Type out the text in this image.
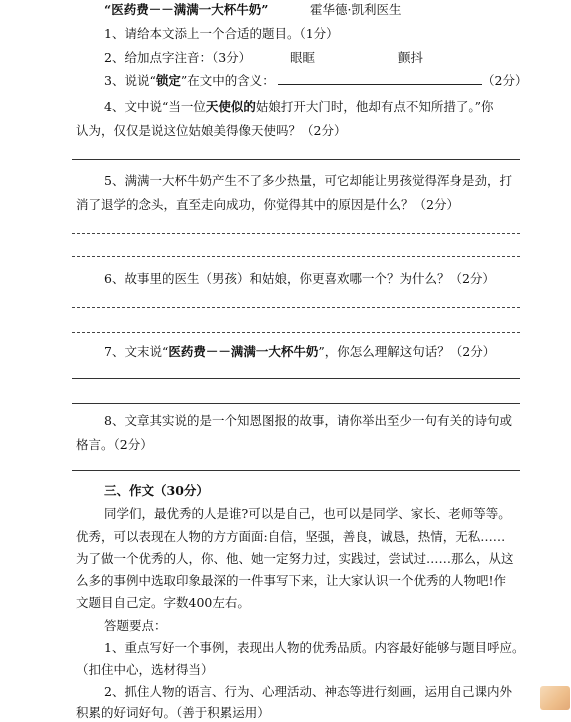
“医药费－－满满一大杯牛奶”	霍华德·凯利医生
1、请给本文添上一个合适的题目。（1分）
2、给加点字注音：（3分）	眼眶	颤抖
3、说说“锁定”在文中的含义：	（2分）
4、文中说“当一位天使似的姑娘打开大门时，他却有点不知所措了。”你
认为，仅仅是说这位姑娘美得像天使吗？（2分）
5、满满一大杯牛奶产生不了多少热量，可它却能让男孩觉得浑身是劲，打
消了退学的念头，直至走向成功，你觉得其中的原因是什么？（2分）
6、故事里的医生（男孩）和姑娘，你更喜欢哪一个？为什么？（2分）
7、文末说“医药费－－满满一大杯牛奶”，你怎么理解这句话？（2分）
8、文章其实说的是一个知恩图报的故事，请你举出至少一句有关的诗句或
格言。（2分）
三、作文（30分）
同学们，最优秀的人是谁?可以是自己，也可以是同学、家长、老师等等。
优秀，可以表现在人物的方方面面:自信，坚强，善良，诚恳，热情，无私……
为了做一个优秀的人，你、他、她一定努力过，实践过，尝试过……那么，从这
么多的事例中选取印象最深的一件事写下来，让大家认识一个优秀的人物吧!作
文题目自己定。字数400左右。
答题要点：
1、重点写好一个事例，表现出人物的优秀品质。内容最好能够与题目呼应。
（扣住中心，选材得当）
2、抓住人物的语言、行为、心理活动、神态等进行刻画，运用自己课内外
积累的好词好句。（善于积累运用）
